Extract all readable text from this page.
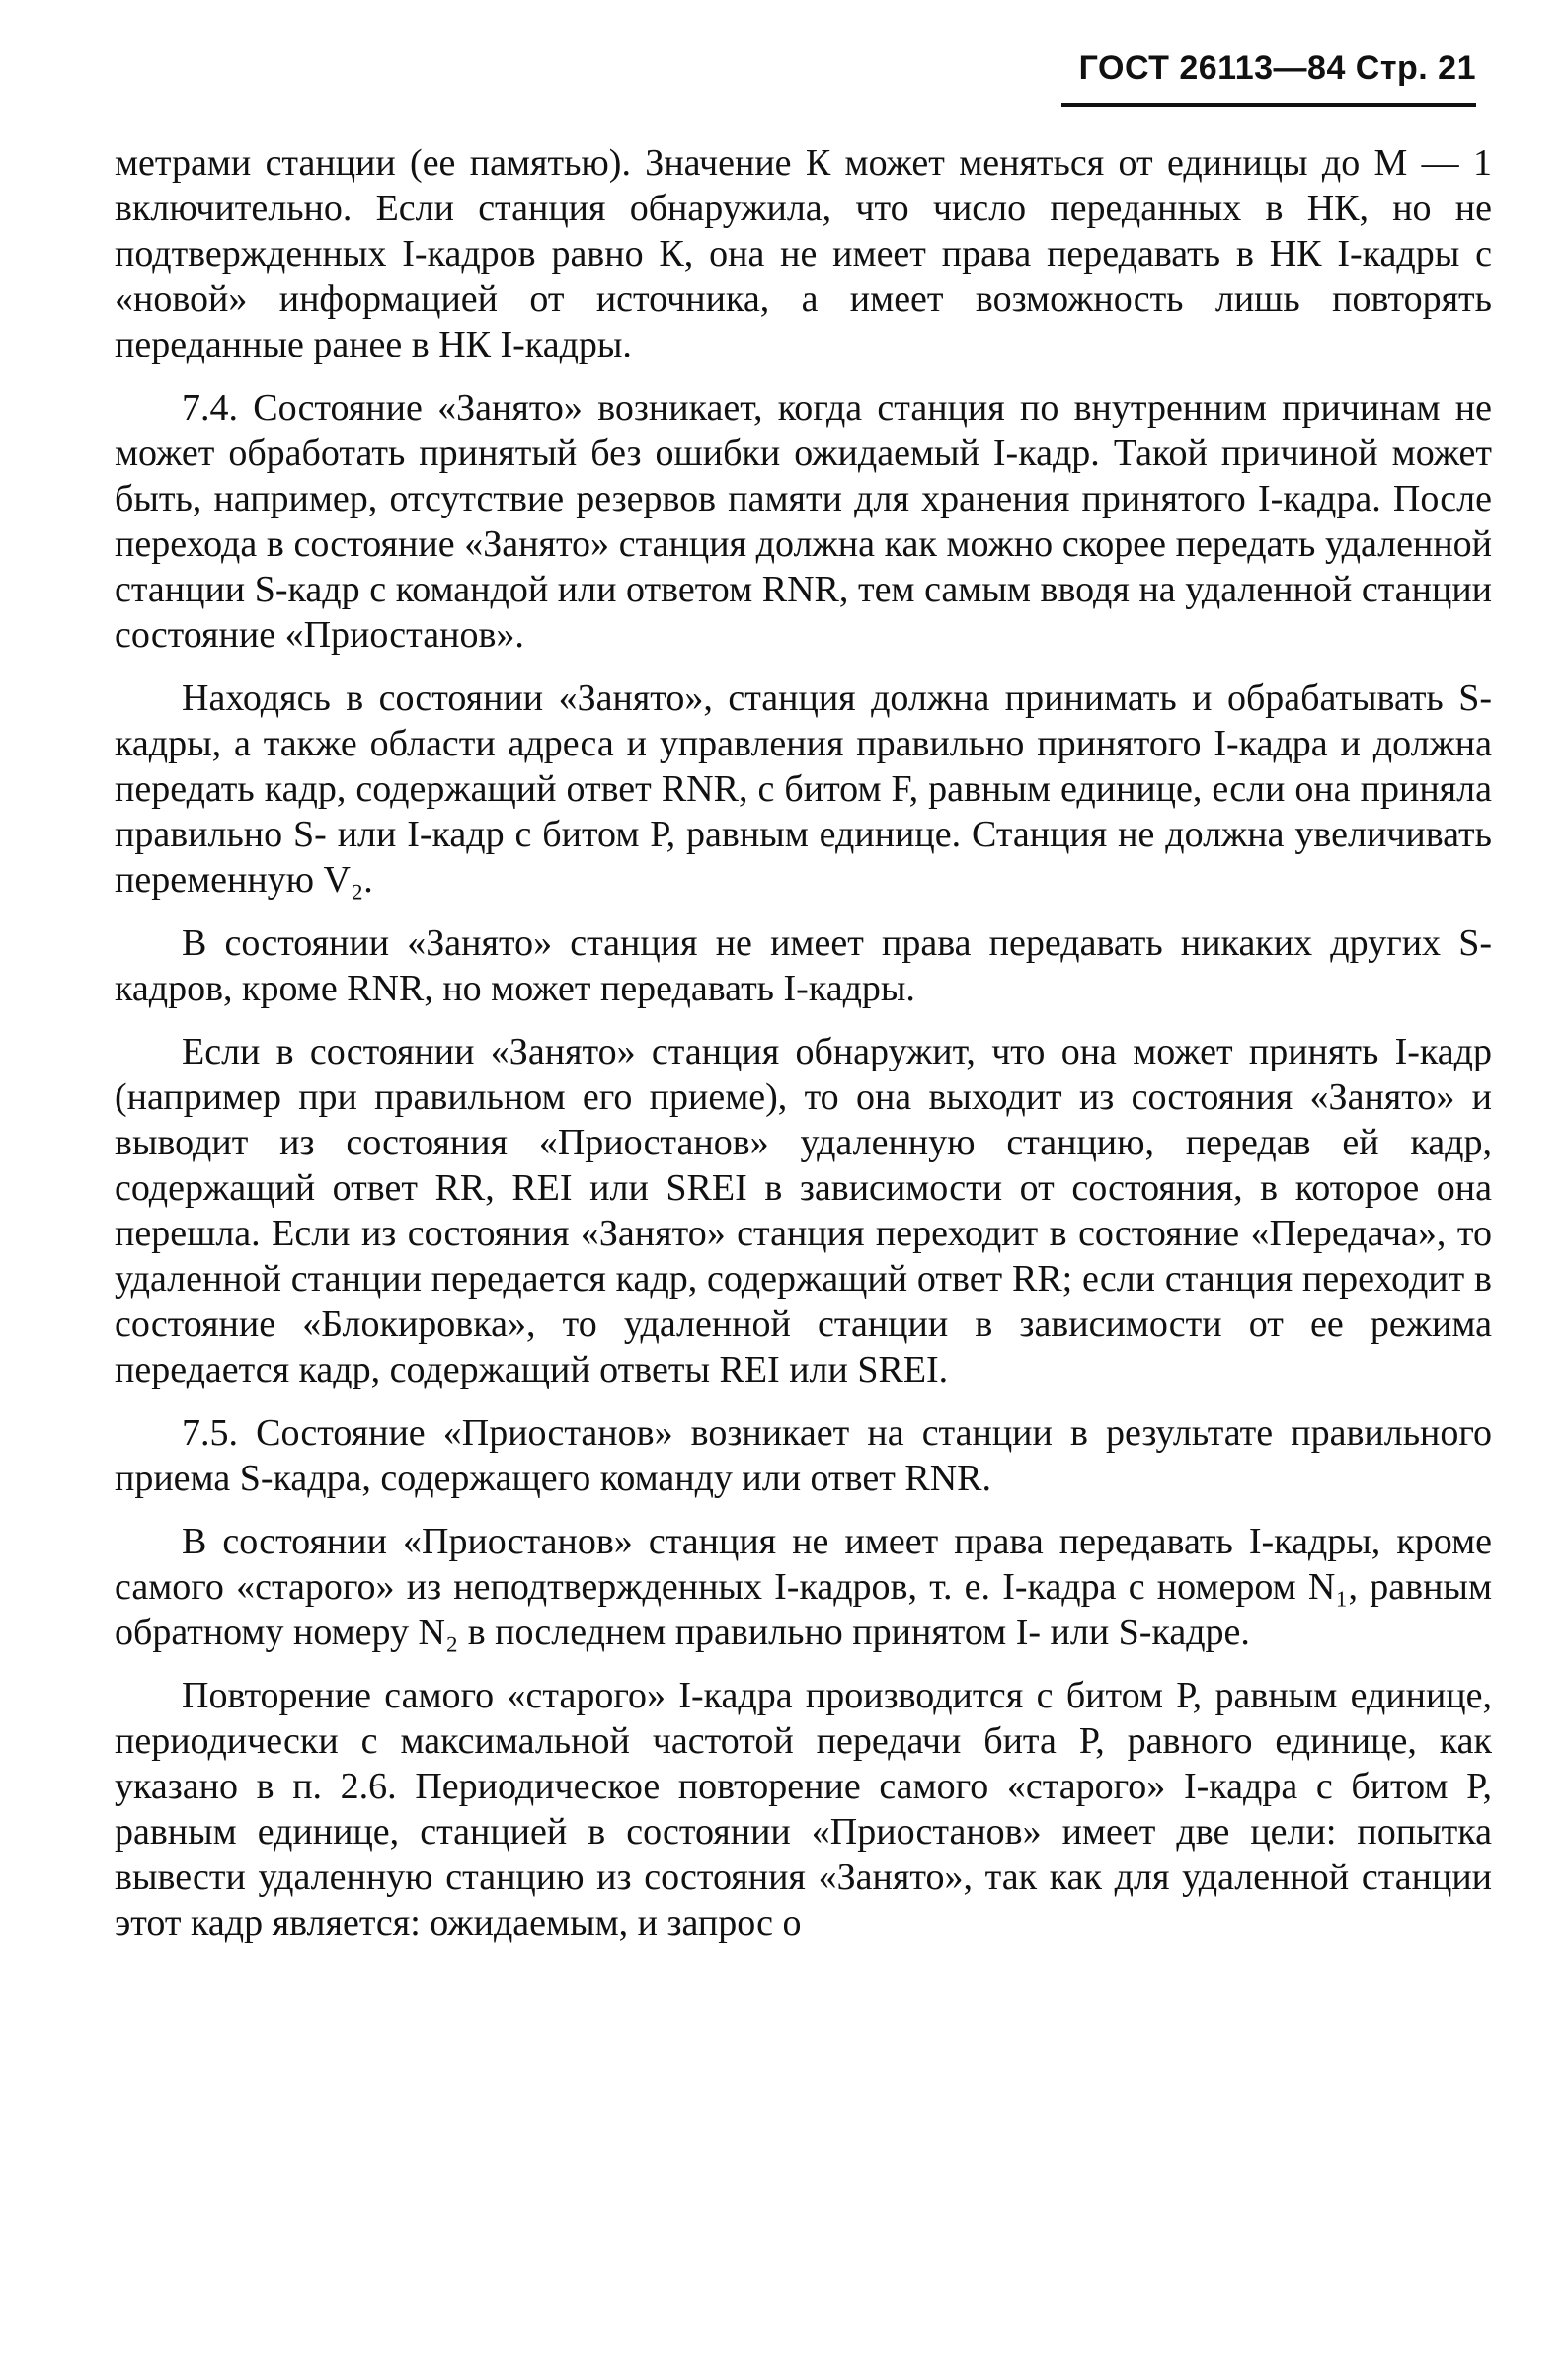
ГОСТ 26113—84 Стр. 21

метрами станции (ее памятью). Значение К может меняться от единицы до М — 1 включительно. Если станция обнаружила, что число переданных в НК, но не подтвержденных I-кадров равно К, она не имеет права передавать в НК I-кадры с «новой» информацией от источника, а имеет возможность лишь повторять переданные ранее в НК I-кадры.

7.4. Состояние «Занято» возникает, когда станция по внутренним причинам не может обработать принятый без ошибки ожидаемый I-кадр. Такой причиной может быть, например, отсутствие резервов памяти для хранения принятого I-кадра. После перехода в состояние «Занято» станция должна как можно скорее передать удаленной станции S-кадр с командой или ответом RNR, тем самым вводя на удаленной станции состояние «Приостанов».

Находясь в состоянии «Занято», станция должна принимать и обрабатывать S-кадры, а также области адреса и управления правильно принятого I-кадра и должна передать кадр, содержащий ответ RNR, с битом F, равным единице, если она приняла правильно S- или I-кадр с битом Р, равным единице. Станция не должна увеличивать переменную V₂.

В состоянии «Занято» станция не имеет права передавать никаких других S-кадров, кроме RNR, но может передавать I-кадры.

Если в состоянии «Занято» станция обнаружит, что она может принять I-кадр (например при правильном его приеме), то она выходит из состояния «Занято» и выводит из состояния «Приостанов» удаленную станцию, передав ей кадр, содержащий ответ RR, REI или SREI в зависимости от состояния, в которое она перешла. Если из состояния «Занято» станция переходит в состояние «Передача», то удаленной станции передается кадр, содержащий ответ RR; если станция переходит в состояние «Блокировка», то удаленной станции в зависимости от ее режима передается кадр, содержащий ответы REI или SREI.

7.5. Состояние «Приостанов» возникает на станции в результате правильного приема S-кадра, содержащего команду или ответ RNR.

В состоянии «Приостанов» станция не имеет права передавать I-кадры, кроме самого «старого» из неподтвержденных I-кадров, т. е. I-кадра с номером N₁, равным обратному номеру N₂ в последнем правильно принятом I- или S-кадре.

Повторение самого «старого» I-кадра производится с битом Р, равным единице, периодически с максимальной частотой передачи бита Р, равного единице, как указано в п. 2.6. Периодическое повторение самого «старого» I-кадра с битом Р, равным единице, станцией в состоянии «Приостанов» имеет две цели: попытка вывести удаленную станцию из состояния «Занято», так как для удаленной станции этот кадр является: ожидаемым, и запрос о
